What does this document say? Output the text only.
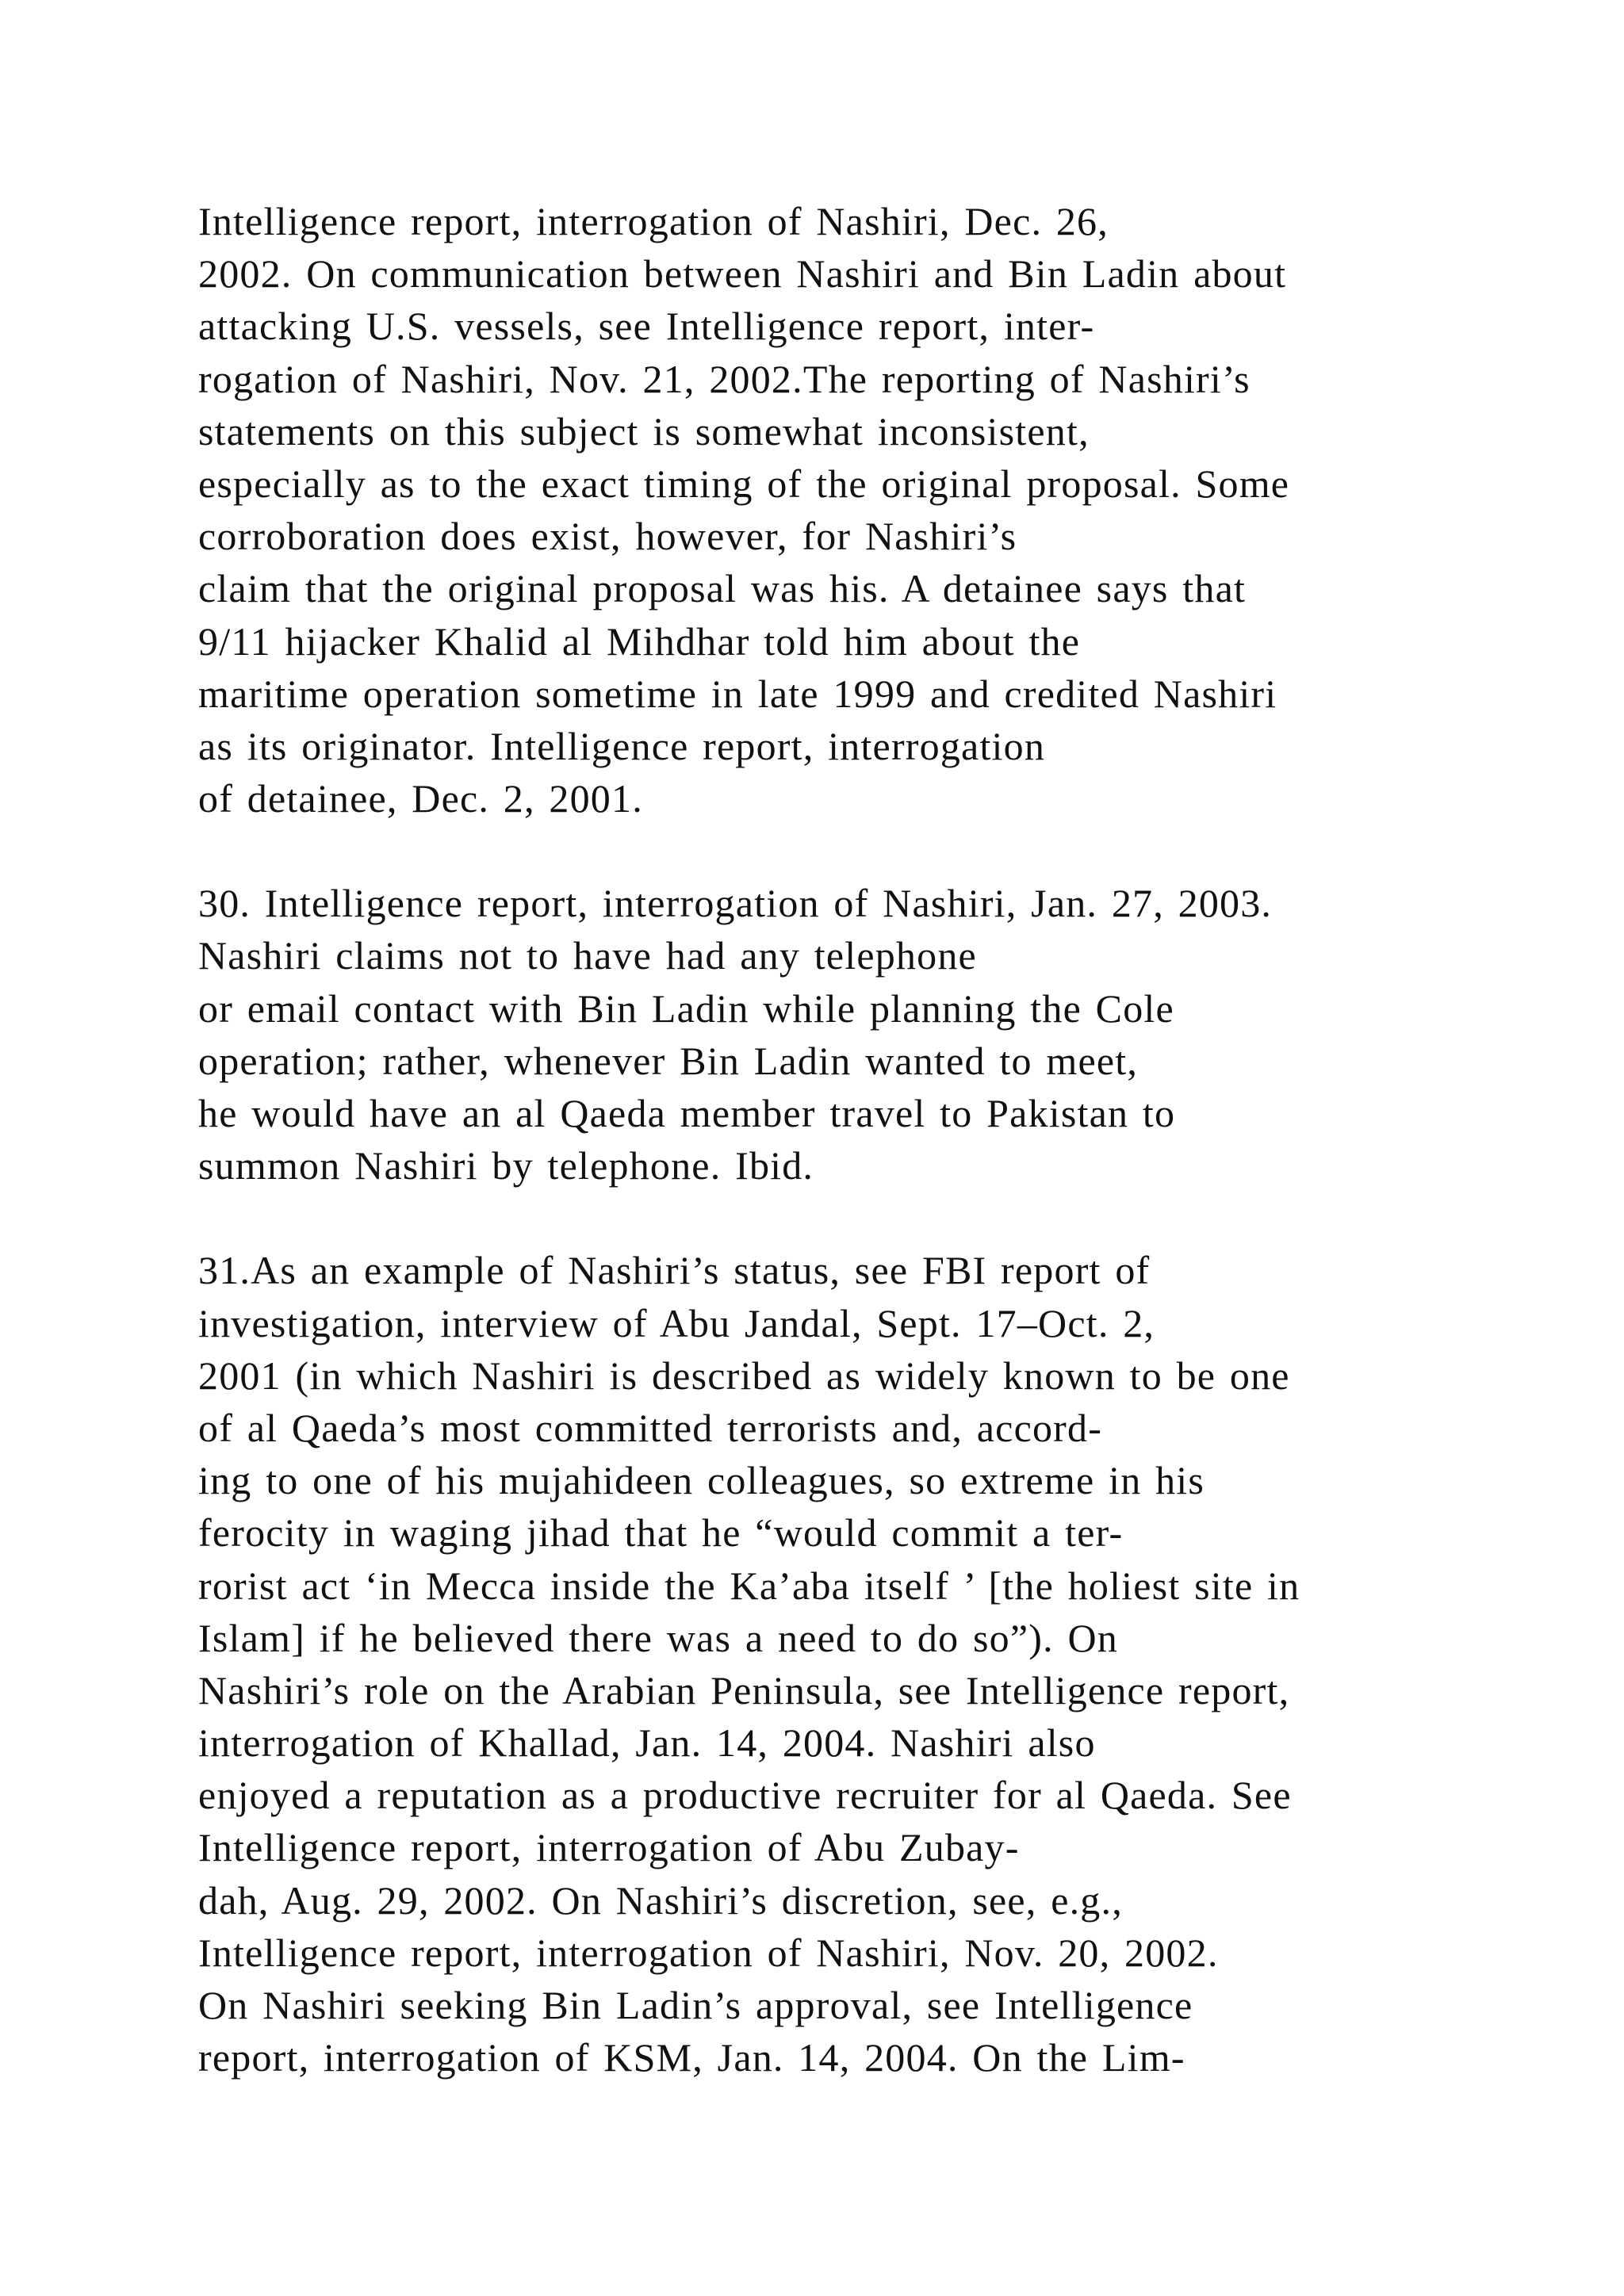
Intelligence report, interrogation of Nashiri, Dec. 26,
2002. On communication between Nashiri and Bin Ladin about
attacking U.S. vessels, see Intelligence report, inter-
rogation of Nashiri, Nov. 21, 2002.The reporting of Nashiri’s
statements on this subject is somewhat inconsistent,
especially as to the exact timing of the original proposal. Some
corroboration does exist, however, for Nashiri’s
claim that the original proposal was his. A detainee says that
9/11 hijacker Khalid al Mihdhar told him about the
maritime operation sometime in late 1999 and credited Nashiri
as its originator. Intelligence report, interrogation
of detainee, Dec. 2, 2001.
30. Intelligence report, interrogation of Nashiri, Jan. 27, 2003.
Nashiri claims not to have had any telephone
or email contact with Bin Ladin while planning the Cole
operation; rather, whenever Bin Ladin wanted to meet,
he would have an al Qaeda member travel to Pakistan to
summon Nashiri by telephone. Ibid.
31.As an example of Nashiri’s status, see FBI report of
investigation, interview of Abu Jandal, Sept. 17–Oct. 2,
2001 (in which Nashiri is described as widely known to be one
of al Qaeda’s most committed terrorists and, accord-
ing to one of his mujahideen colleagues, so extreme in his
ferocity in waging jihad that he “would commit a ter-
rorist act ‘in Mecca inside the Ka’aba itself ’ [the holiest site in
Islam] if he believed there was a need to do so”). On
Nashiri’s role on the Arabian Peninsula, see Intelligence report,
interrogation of Khallad, Jan. 14, 2004. Nashiri also
enjoyed a reputation as a productive recruiter for al Qaeda. See
Intelligence report, interrogation of Abu Zubay-
dah, Aug. 29, 2002. On Nashiri’s discretion, see, e.g.,
Intelligence report, interrogation of Nashiri, Nov. 20, 2002.
On Nashiri seeking Bin Ladin’s approval, see Intelligence
report, interrogation of KSM, Jan. 14, 2004. On the Lim-
